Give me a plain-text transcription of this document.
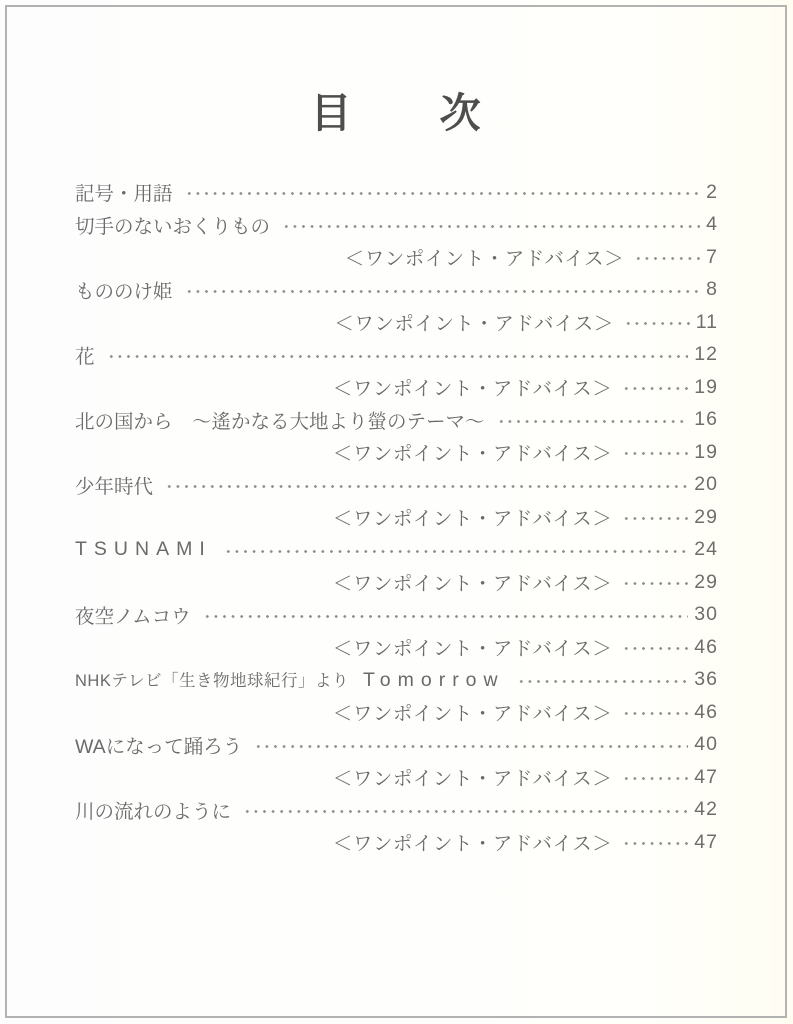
目　　次
記号・用語	2
切手のないおくりもの	4
＜ワンポイント・アドバイス＞	7
もののけ姫	8
＜ワンポイント・アドバイス＞	11
花	12
＜ワンポイント・アドバイス＞	19
北の国から　～遙かなる大地より螢のテーマ～	16
＜ワンポイント・アドバイス＞	19
少年時代	20
＜ワンポイント・アドバイス＞	29
TSUNAMI	24
＜ワンポイント・アドバイス＞	29
夜空ノムコウ	30
＜ワンポイント・アドバイス＞	46
NHKテレビ「生き物地球紀行」より Tomorrow	36
＜ワンポイント・アドバイス＞	46
WAになって踊ろう	40
＜ワンポイント・アドバイス＞	47
川の流れのように	42
＜ワンポイント・アドバイス＞	47
